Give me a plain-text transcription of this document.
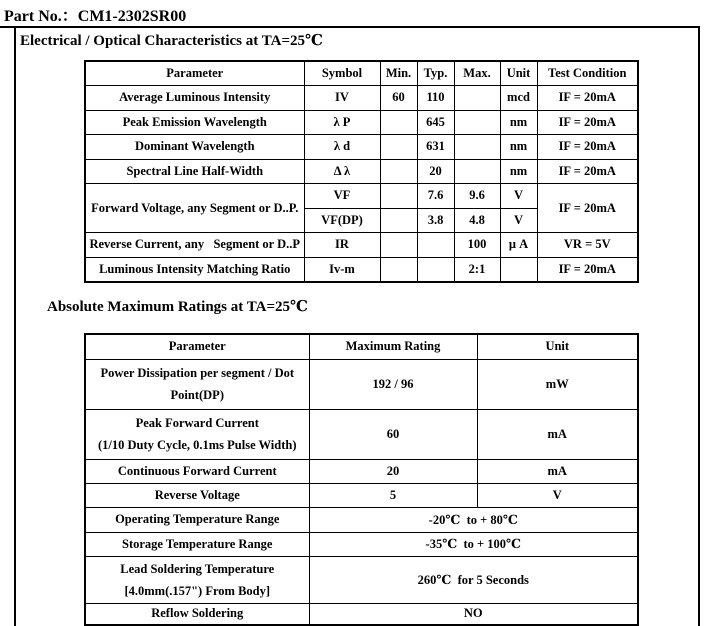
Part No.：CM1-2302SR00
Electrical / Optical Characteristics at TA=25℃
Parameter	Symbol	Min.	Typ.	Max.	Unit	Test Condition
Average Luminous Intensity	IV	60	110		mcd	IF = 20mA
Peak Emission Wavelength	λ P		645		nm	IF = 20mA
Dominant Wavelength	λ d		631		nm	IF = 20mA
Spectral Line Half-Width	Δ λ		20		nm	IF = 20mA
Forward Voltage, any Segment or D..P.	VF		7.6	9.6	V	IF = 20mA
	VF(DP)		3.8	4.8	V	
Reverse Current, any   Segment or D..P	IR			100	μ A	VR = 5V
Luminous Intensity Matching Ratio	Iv-m			2:1		IF = 20mA
Absolute Maximum Ratings at TA=25℃
Parameter	Maximum Rating	Unit
Power Dissipation per segment / Dot
Point(DP)	192 / 96	mW
Peak Forward Current
(1/10 Duty Cycle, 0.1ms Pulse Width)	60	mA
Continuous Forward Current	20	mA
Reverse Voltage	5	V
Operating Temperature Range	-20℃  to + 80℃	
Storage Temperature Range	-35℃  to + 100℃	
Lead Soldering Temperature
[4.0mm(.157") From Body]	260℃  for 5 Seconds	
Reflow Soldering	NO	
